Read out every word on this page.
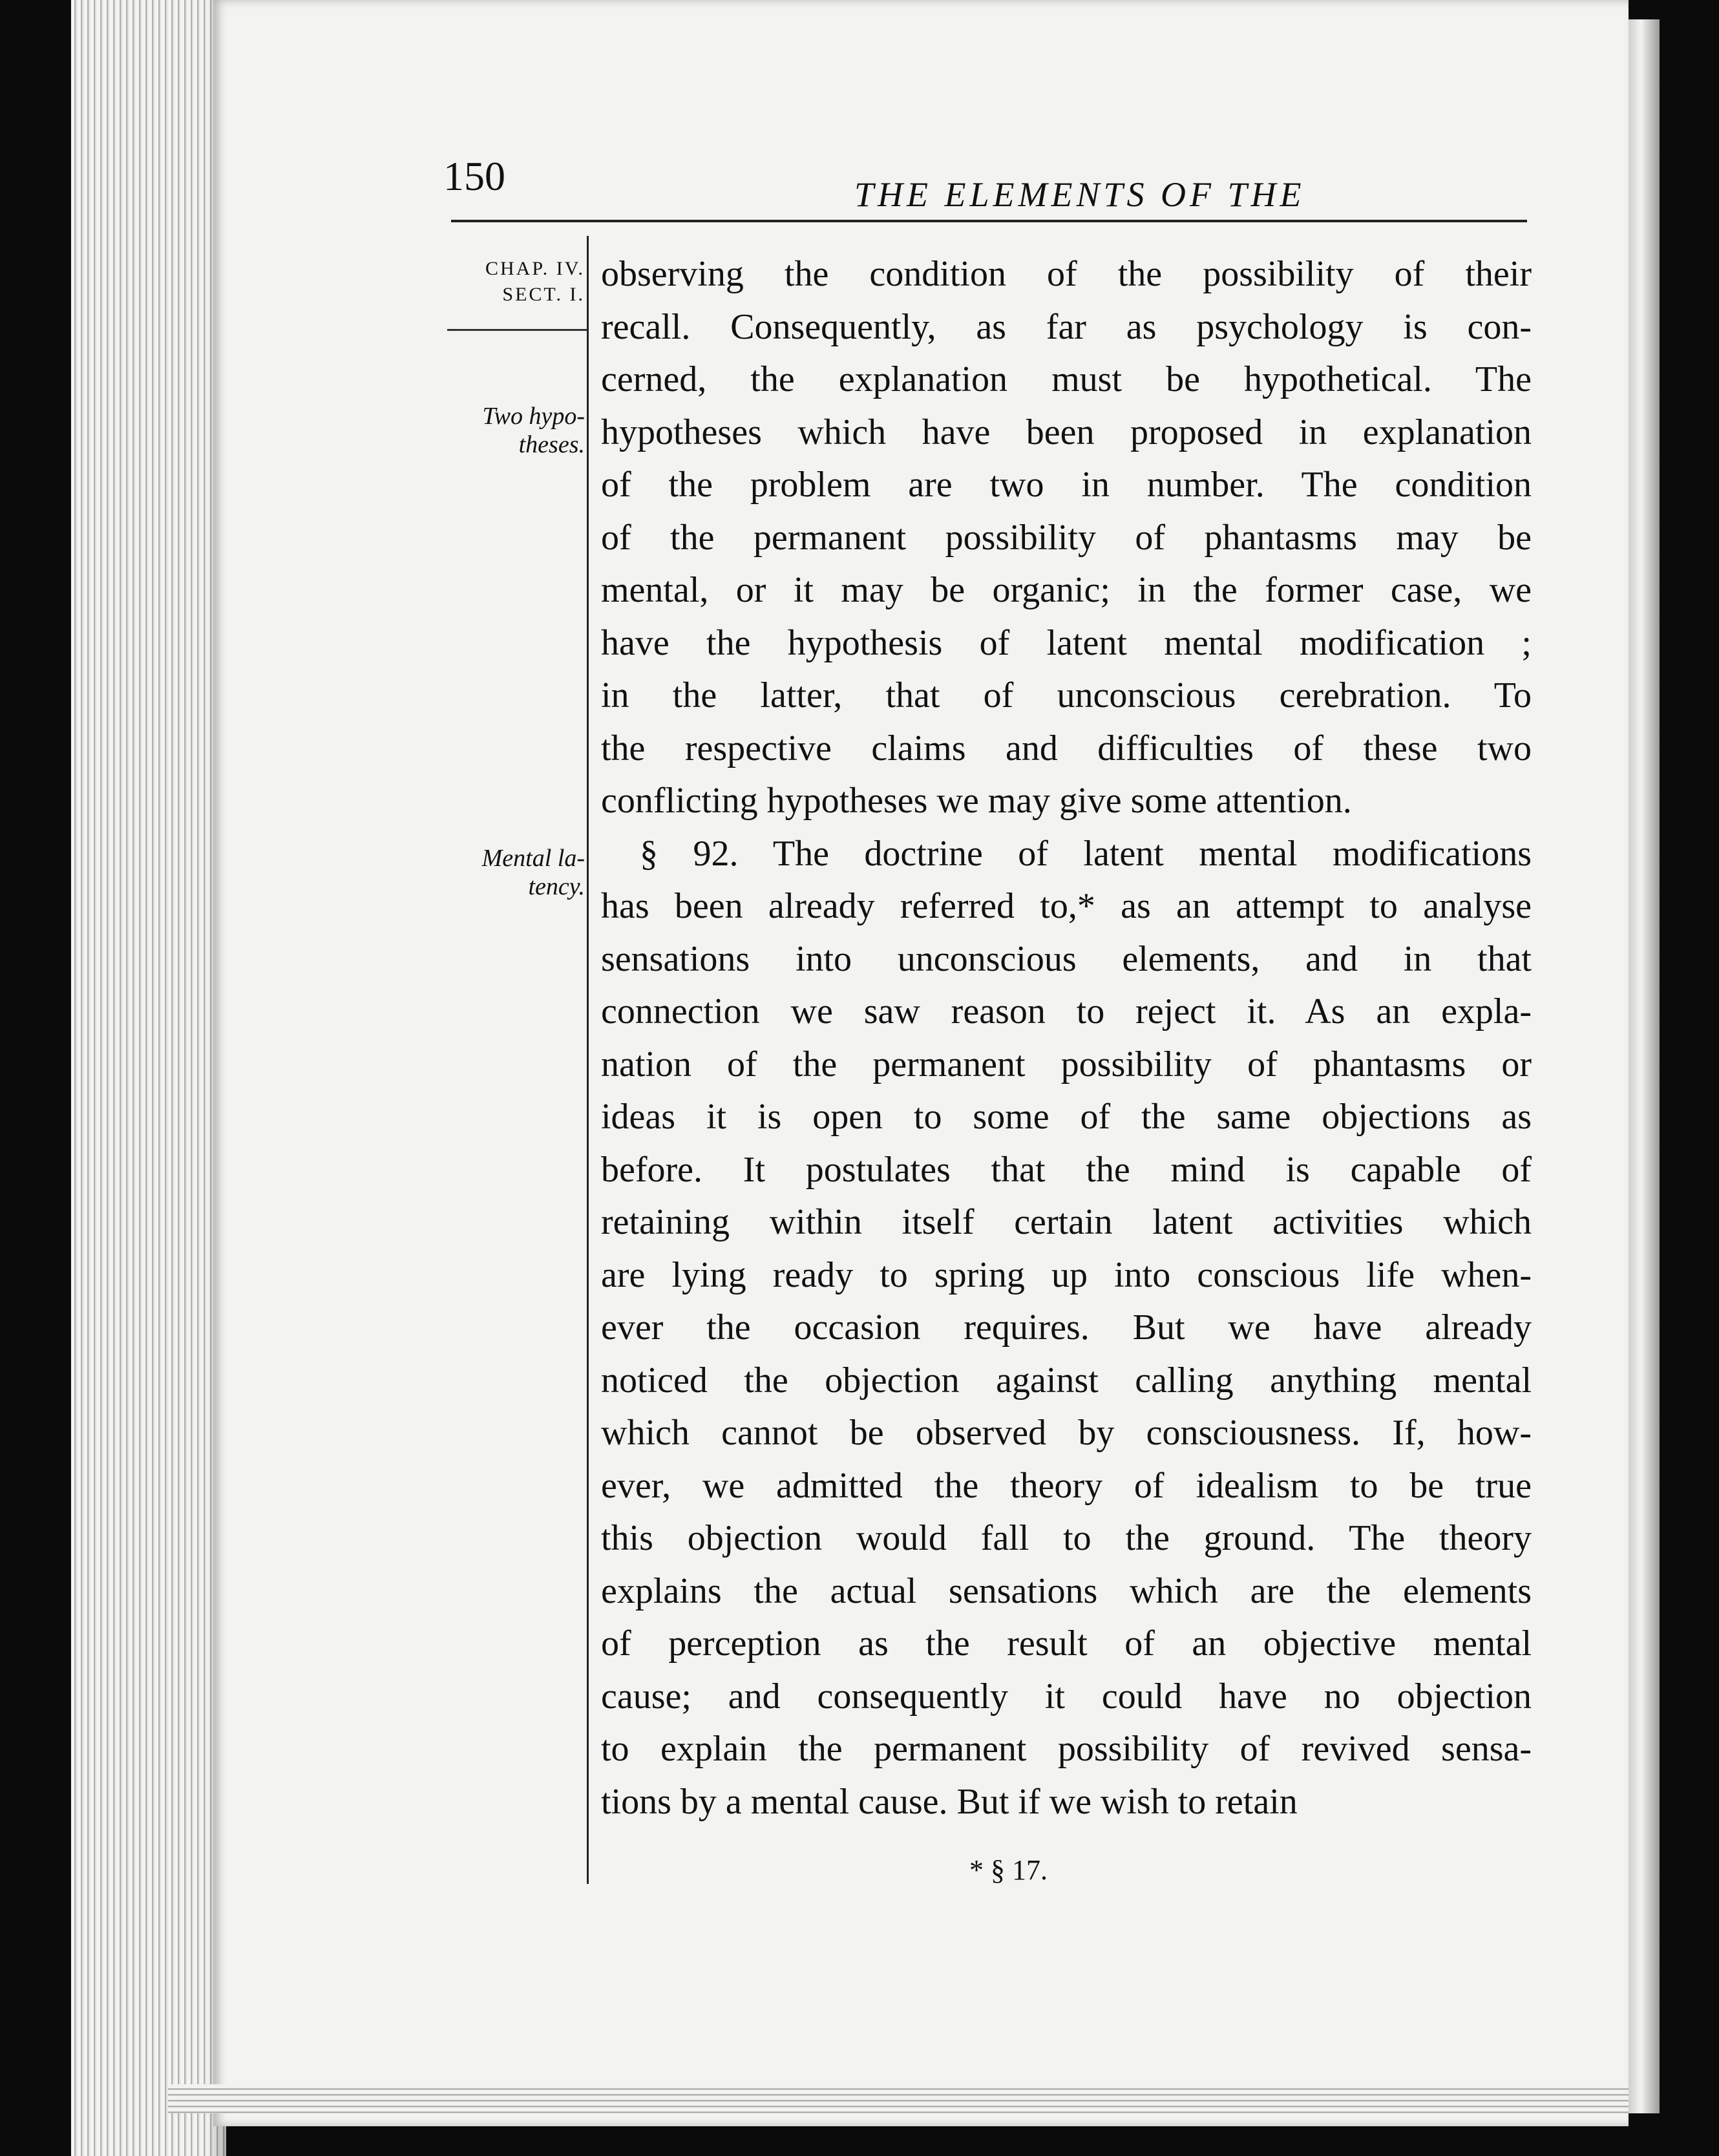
150	THE ELEMENTS OF THE
CHAP. IV.
SECT. I.
Two hypo-
theses.
Mental la-
tency.
observing the condition of the possibility of their
recall. Consequently, as far as psychology is con-
cerned, the explanation must be hypothetical. The
hypotheses which have been proposed in explanation
of the problem are two in number. The condition
of the permanent possibility of phantasms may be
mental, or it may be organic; in the former case, we
have the hypothesis of latent mental modification ;
in the latter, that of unconscious cerebration. To
the respective claims and difficulties of these two
conflicting hypotheses we may give some attention.
§ 92. The doctrine of latent mental modifications
has been already referred to,* as an attempt to analyse
sensations into unconscious elements, and in that
connection we saw reason to reject it. As an expla-
nation of the permanent possibility of phantasms or
ideas it is open to some of the same objections as
before. It postulates that the mind is capable of
retaining within itself certain latent activities which
are lying ready to spring up into conscious life when-
ever the occasion requires. But we have already
noticed the objection against calling anything mental
which cannot be observed by consciousness. If, how-
ever, we admitted the theory of idealism to be true
this objection would fall to the ground. The theory
explains the actual sensations which are the elements
of perception as the result of an objective mental
cause; and consequently it could have no objection
to explain the permanent possibility of revived sensa-
tions by a mental cause. But if we wish to retain
* § 17.
